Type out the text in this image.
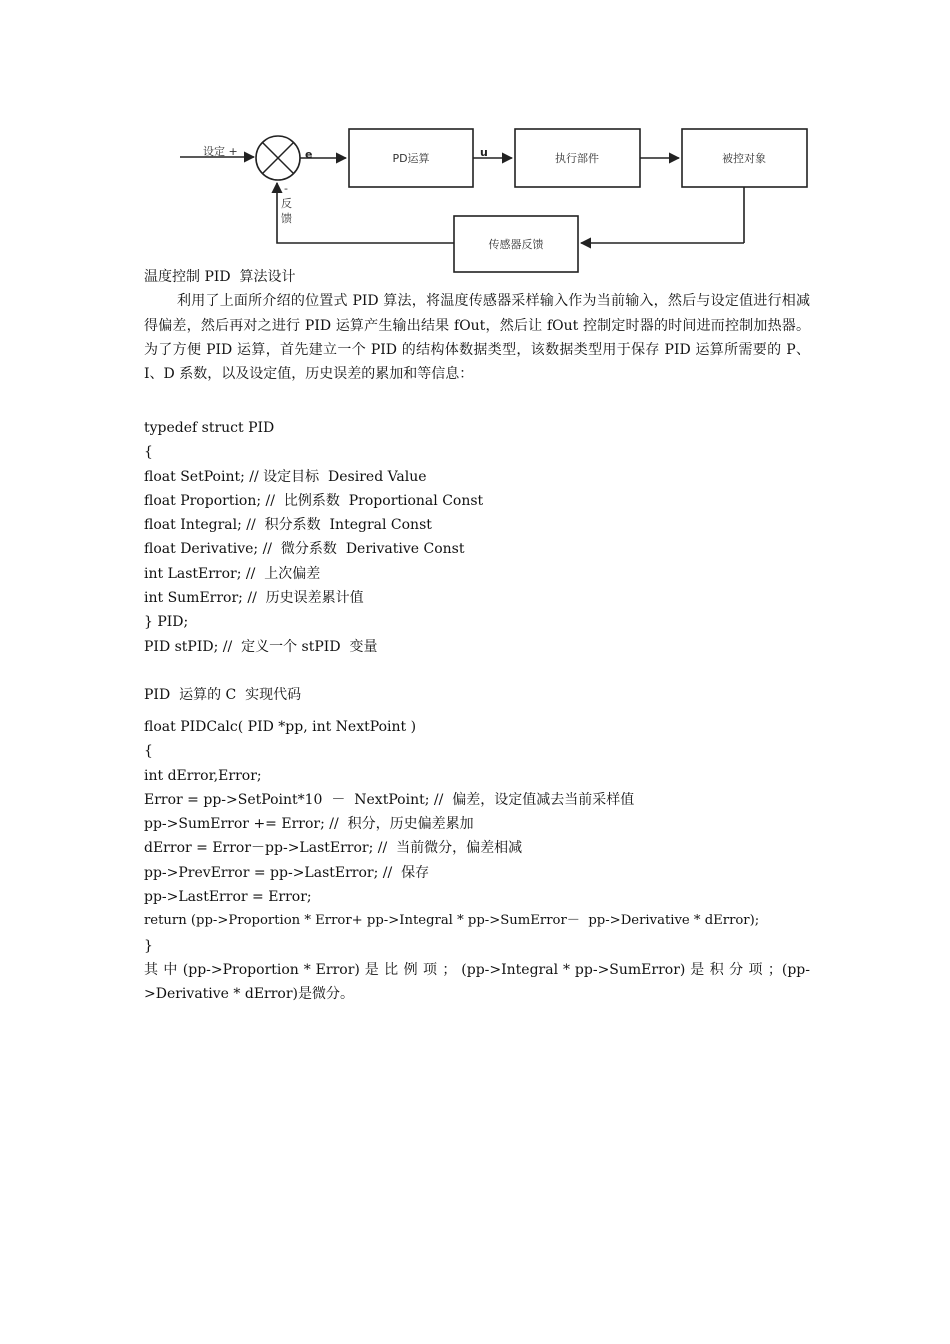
设定 +	e	PD运算	u	执行部件	被控对象
传感器反馈
-
反
馈
温度控制 PID  算法设计
利用了上面所介绍的位置式 PID 算法，将温度传感器采样输入作为当前输入，然后与设定值进行相减得偏差，然后再对之进行 PID 运算产生输出结果 fOut，然后让 fOut 控制定时器的时间进而控制加热器。为了方便 PID 运算，首先建立一个 PID 的结构体数据类型，该数据类型用于保存 PID 运算所需要的 P、I、D 系数，以及设定值，历史误差的累加和等信息：
typedef struct PID
{
float SetPoint; // 设定目标  Desired Value
float Proportion; //  比例系数  Proportional Const
float Integral; //  积分系数  Integral Const
float Derivative; //  微分系数  Derivative Const
int LastError; //  上次偏差
int SumError; //  历史误差累计值
} PID;
PID stPID; //  定义一个 stPID  变量
PID  运算的 C  实现代码
float PIDCalc( PID *pp, int NextPoint )
{
int dError,Error;
Error = pp->SetPoint*10  －  NextPoint; //  偏差，设定值减去当前采样值
pp->SumError += Error; //  积分，历史偏差累加
dError = Error－pp->LastError; //  当前微分，偏差相减
pp->PrevError = pp->LastError; //  保存
pp->LastError = Error;
return (pp->Proportion * Error+ pp->Integral * pp->SumError－  pp->Derivative * dError);
}
其 中 (pp->Proportion * Error) 是 比 例 项 ； (pp->Integral * pp->SumError) 是 积 分 项 ；(pp->Derivative * dError)是微分。
